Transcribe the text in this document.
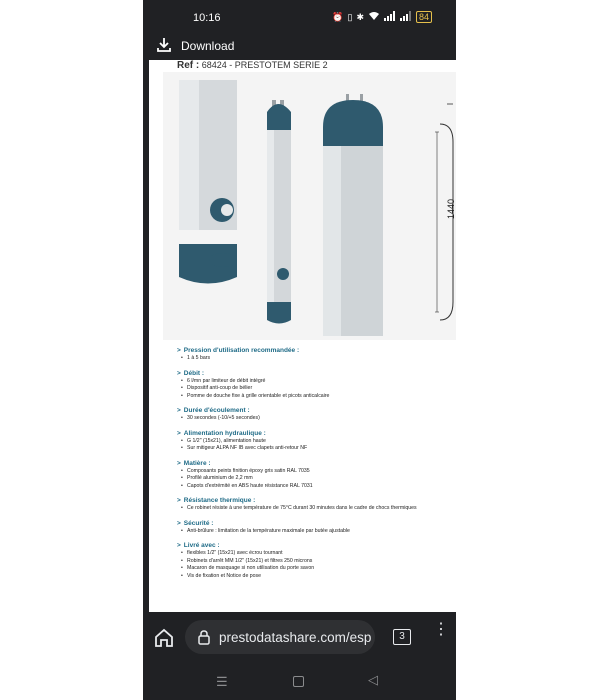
10:16	⏰ ▯ ✱	84
Download
Ref : 68424 - PRESTOTEM SERIE 2
1440
> Pression d'utilisation recommandée :
• 1 à 5 bars
> Débit :
• 6 l/mn par limiteur de débit intégré
• Dispositif anti-coup de bélier
• Pomme de douche fixe à grille orientable et picots anticalcaire
> Durée d'écoulement :
• 30 secondes (-10/+5 secondes)
> Alimentation hydraulique :
• G 1/2" (15x21), alimentation haute
• Sur mitigeur ALPA NF IB avec clapets anti-retour NF
> Matière :
• Composants peints finition époxy gris satin RAL 7035
• Profilé aluminium de 2,2 mm
• Capots d'extrémité en ABS haute résistance RAL 7031
> Résistance thermique :
• Ce robinet résiste à une température de 75°C durant 30 minutes dans le cadre de chocs thermiques
> Sécurité :
• Anti-brûlure : limitation de la température maximale par butée ajustable
> Livré avec :
• flexibles 1/2" (15x21) avec écrou tournant
• Robinets d'arrêt MM 1/2" (15x21) et filtres 250 microns
• Macaron de masquage si non utilisation du porte savon
• Vis de fixation et Notice de pose
prestodatashare.com/esp	3	⋮
☰	◁
